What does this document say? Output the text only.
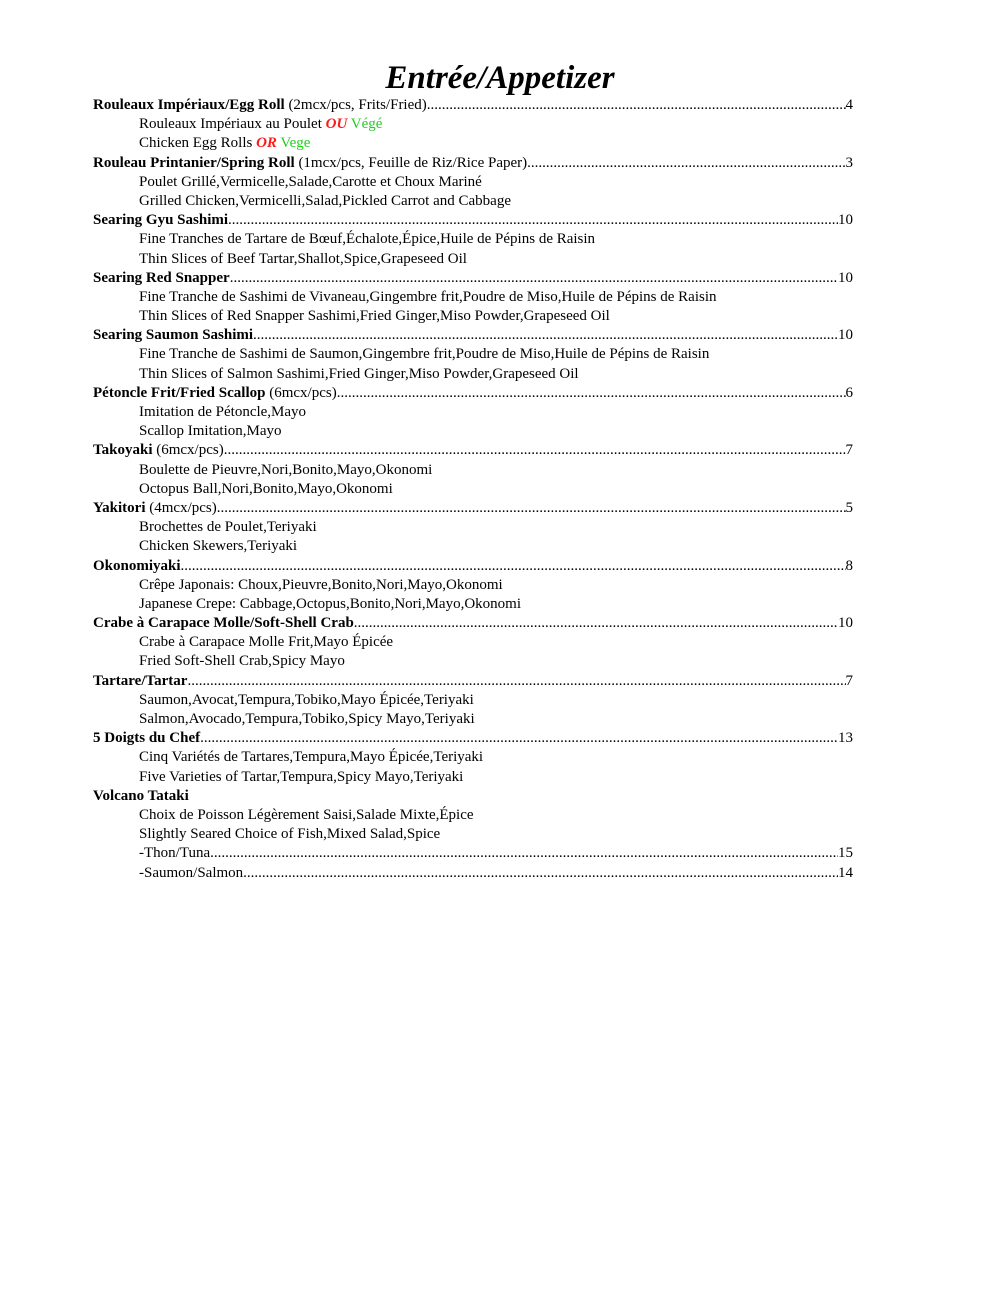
Entrée/Appetizer
Rouleaux Impériaux/Egg Roll (2mcx/pcs, Frits/Fried) .....	4
Rouleaux Impériaux au Poulet OU Végé
Chicken Egg Rolls OR Vege
Rouleau Printanier/Spring Roll (1mcx/pcs, Feuille de Riz/Rice Paper) .....	3
Poulet Grillé,Vermicelle,Salade,Carotte et Choux Mariné
Grilled Chicken,Vermicelli,Salad,Pickled Carrot and Cabbage
Searing Gyu Sashimi .....	10
Fine Tranches de Tartare de Bœuf,Échalote,Épice,Huile de Pépins de Raisin
Thin Slices of Beef Tartar,Shallot,Spice,Grapeseed Oil
Searing Red Snapper .....	10
Fine Tranche de Sashimi de Vivaneau,Gingembre frit,Poudre de Miso,Huile de Pépins de Raisin
Thin Slices of Red Snapper Sashimi,Fried Ginger,Miso Powder,Grapeseed Oil
Searing Saumon Sashimi .....	10
Fine Tranche de Sashimi de Saumon,Gingembre frit,Poudre de Miso,Huile de Pépins de Raisin
Thin Slices of Salmon Sashimi,Fried Ginger,Miso Powder,Grapeseed Oil
Pétoncle Frit/Fried Scallop (6mcx/pcs) .....	6
Imitation de Pétoncle,Mayo
Scallop Imitation,Mayo
Takoyaki (6mcx/pcs) .....	7
Boulette de Pieuvre,Nori,Bonito,Mayo,Okonomi
Octopus Ball,Nori,Bonito,Mayo,Okonomi
Yakitori (4mcx/pcs) .....	5
Brochettes de Poulet,Teriyaki
Chicken Skewers,Teriyaki
Okonomiyaki .....	8
Crêpe Japonais: Choux,Pieuvre,Bonito,Nori,Mayo,Okonomi
Japanese Crepe: Cabbage,Octopus,Bonito,Nori,Mayo,Okonomi
Crabe à Carapace Molle/Soft-Shell Crab .....	10
Crabe à Carapace Molle Frit,Mayo Épicée
Fried Soft-Shell Crab,Spicy Mayo
Tartare/Tartar .....	7
Saumon,Avocat,Tempura,Tobiko,Mayo Épicée,Teriyaki
Salmon,Avocado,Tempura,Tobiko,Spicy Mayo,Teriyaki
5 Doigts du Chef .....	13
Cinq Variétés de Tartares,Tempura,Mayo Épicée,Teriyaki
Five Varieties of Tartar,Tempura,Spicy Mayo,Teriyaki
Volcano Tataki
Choix de Poisson Légèrement Saisi,Salade Mixte,Épice
Slightly Seared Choice of Fish,Mixed Salad,Spice
-Thon/Tuna .....	15
-Saumon/Salmon .....	14
